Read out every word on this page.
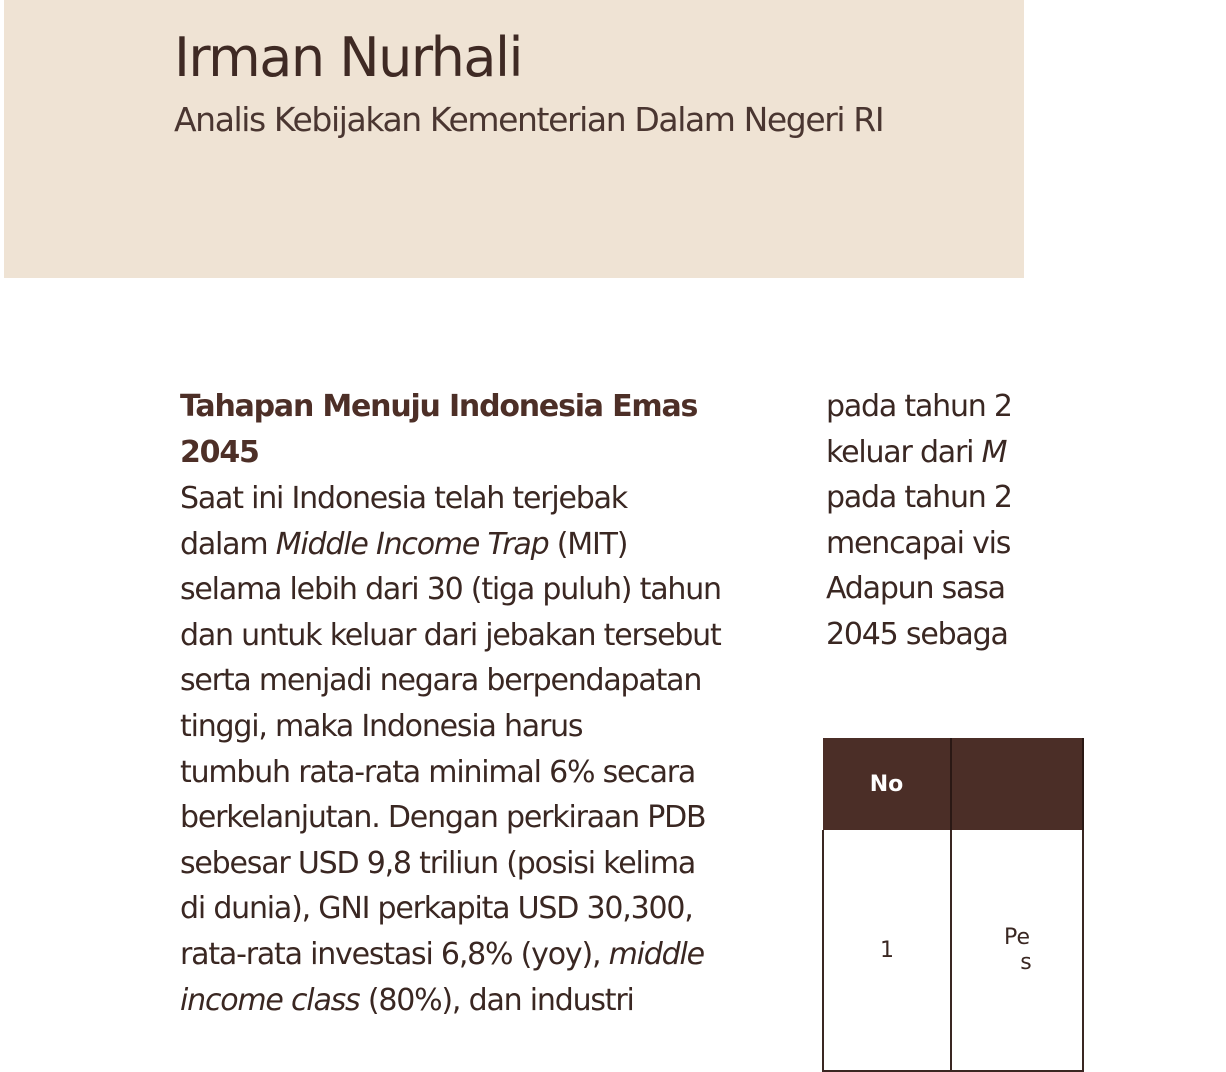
Irman Nurhali
Analis Kebijakan Kementerian Dalam Negeri RI
Tahapan Menuju Indonesia Emas
2045
Saat ini Indonesia telah terjebak
dalam Middle Income Trap (MIT)
selama lebih dari 30 (tiga puluh) tahun
dan untuk keluar dari jebakan tersebut
serta menjadi negara berpendapatan
tinggi, maka Indonesia harus
tumbuh rata-rata minimal 6% secara
berkelanjutan. Dengan perkiraan PDB
sebesar USD 9,8 triliun (posisi kelima
di dunia), GNI perkapita USD 30,300,
rata-rata investasi 6,8% (yoy), middle
income class (80%), dan industri
pada tahun 2
keluar dari M
pada tahun 2
mencapai vis
Adapun sasa
2045 sebaga
No	
1	Pe
s
